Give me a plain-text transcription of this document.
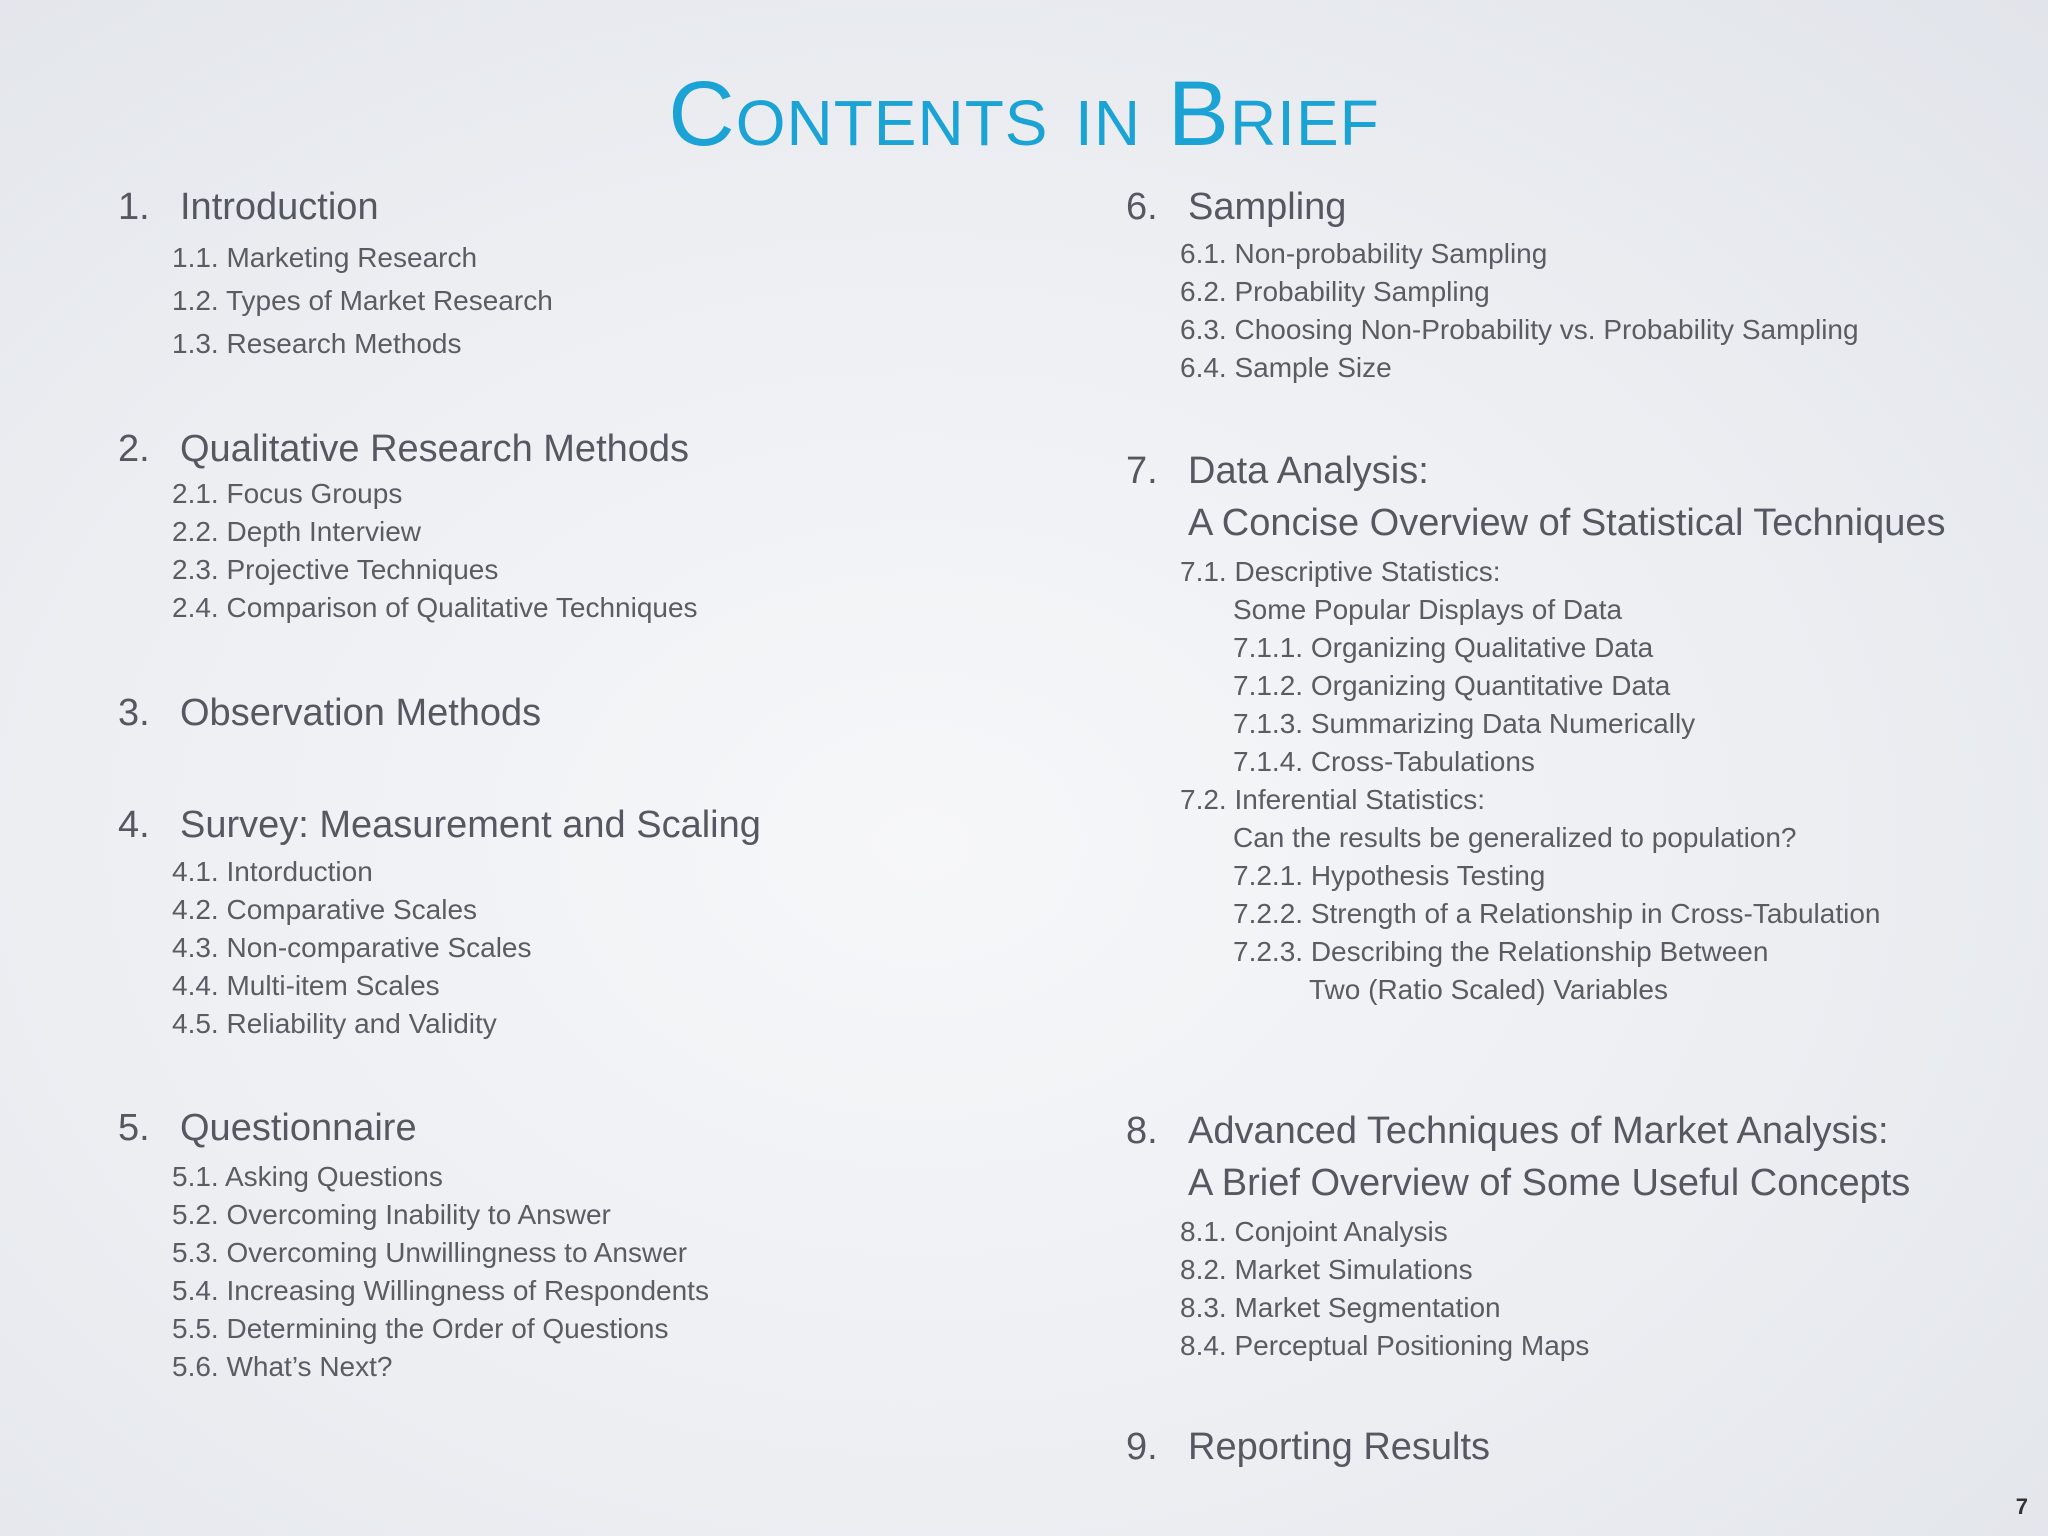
Contents in Brief
1. Introduction
1.1. Marketing Research
1.2. Types of Market Research
1.3. Research Methods
2. Qualitative Research Methods
2.1. Focus Groups
2.2. Depth Interview
2.3. Projective Techniques
2.4. Comparison of Qualitative Techniques
3. Observation Methods
4. Survey: Measurement and Scaling
4.1. Intorduction
4.2. Comparative Scales
4.3. Non-comparative Scales
4.4. Multi-item Scales
4.5. Reliability and Validity
5. Questionnaire
5.1. Asking Questions
5.2. Overcoming Inability to Answer
5.3. Overcoming Unwillingness to Answer
5.4. Increasing Willingness of Respondents
5.5. Determining the Order of Questions
5.6. What’s Next?
6. Sampling
6.1. Non-probability Sampling
6.2. Probability Sampling
6.3. Choosing Non-Probability vs. Probability Sampling
6.4. Sample Size
7. Data Analysis:
A Concise Overview of Statistical Techniques
7.1. Descriptive Statistics:
Some Popular Displays of Data
7.1.1. Organizing Qualitative Data
7.1.2. Organizing Quantitative Data
7.1.3. Summarizing Data Numerically
7.1.4. Cross-Tabulations
7.2. Inferential Statistics:
Can the results be generalized to population?
7.2.1. Hypothesis Testing
7.2.2. Strength of a Relationship in Cross-Tabulation
7.2.3. Describing the Relationship Between
Two (Ratio Scaled) Variables
8. Advanced Techniques of Market Analysis:
A Brief Overview of Some Useful Concepts
8.1. Conjoint Analysis
8.2. Market Simulations
8.3. Market Segmentation
8.4. Perceptual Positioning Maps
9. Reporting Results
7
